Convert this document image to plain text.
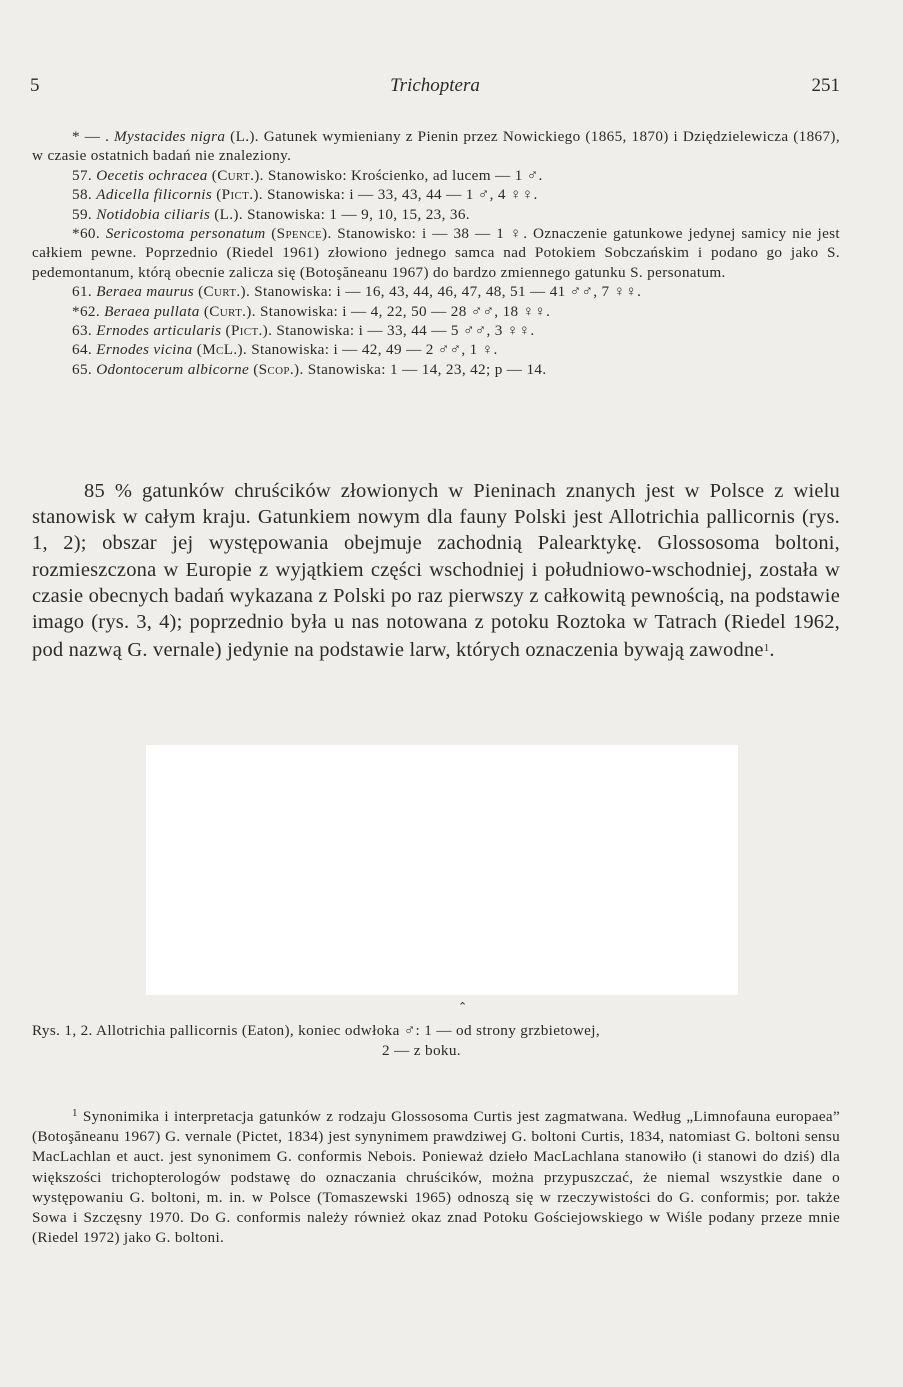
5	Trichoptera	251
* — . Mystacides nigra (L.). Gatunek wymieniany z Pienin przez Nowickiego (1865, 1870) i Dziędzielewicza (1867), w czasie ostatnich badań nie znaleziony.
57. Oecetis ochracea (Curt.). Stanowisko: Krościenko, ad lucem — 1 ♂.
58. Adicella filicornis (Pict.). Stanowiska: i — 33, 43, 44 — 1 ♂, 4 ♀♀.
59. Notidobia ciliaris (L.). Stanowiska: 1 — 9, 10, 15, 23, 36.
*60. Sericostoma personatum (Spence). Stanowisko: i — 38 — 1 ♀. Oznaczenie gatunkowe jedynej samicy nie jest całkiem pewne. Poprzednio (Riedel 1961) złowiono jednego samca nad Potokiem Sobczańskim i podano go jako S. pedemontanum, którą obecnie zalicza się (Botoşăneanu 1967) do bardzo zmiennego gatunku S. personatum.
61. Beraea maurus (Curt.). Stanowiska: i — 16, 43, 44, 46, 47, 48, 51 — 41 ♂♂, 7 ♀♀.
*62. Beraea pullata (Curt.). Stanowiska: i — 4, 22, 50 — 28 ♂♂, 18 ♀♀.
63. Ernodes articularis (Pict.). Stanowiska: i — 33, 44 — 5 ♂♂, 3 ♀♀.
64. Ernodes vicina (McL.). Stanowiska: i — 42, 49 — 2 ♂♂, 1 ♀.
65. Odontocerum albicorne (Scop.). Stanowiska: 1 — 14, 23, 42; p — 14.

85 % gatunków chruścików złowionych w Pieninach znanych jest w Polsce z wielu stanowisk w całym kraju. Gatunkiem nowym dla fauny Polski jest Allotrichia pallicornis (rys. 1, 2); obszar jej występowania obejmuje zachodnią Palearktykę. Glossosoma boltoni, rozmieszczona w Europie z wyjątkiem części wschodniej i południowo-wschodniej, została w czasie obecnych badań wykazana z Polski po raz pierwszy z całkowitą pewnością, na podstawie imago (rys. 3, 4); poprzednio była u nas notowana z potoku Roztoka w Tatrach (Riedel 1962, pod nazwą G. vernale) jedynie na podstawie larw, których oznaczenia bywają zawodne$^1$.

⌃
Rys. 1, 2. Allotrichia pallicornis (Eaton), koniec odwłoka ♂: 1 — od strony grzbietowej,
2 — z boku.

$^1$ Synonimika i interpretacja gatunków z rodzaju Glossosoma Curtis jest zagmatwana. Według „Limnofauna europaea” (Botoşăneanu 1967) G. vernale (Pictet, 1834) jest synynimem prawdziwej G. boltoni Curtis, 1834, natomiast G. boltoni sensu MacLachlan et auct. jest synonimem G. conformis Nebois. Ponieważ dzieło MacLachlana stanowiło (i stanowi do dziś) dla większości trichopterologów podstawę do oznaczania chruścików, można przypuszczać, że niemal wszystkie dane o występowaniu G. boltoni, m. in. w Polsce (Tomaszewski 1965) odnoszą się w rzeczywistości do G. conformis; por. także Sowa i Szczęsny 1970. Do G. conformis należy również okaz znad Potoku Gościejowskiego w Wiśle podany przeze mnie (Riedel 1972) jako G. boltoni.
